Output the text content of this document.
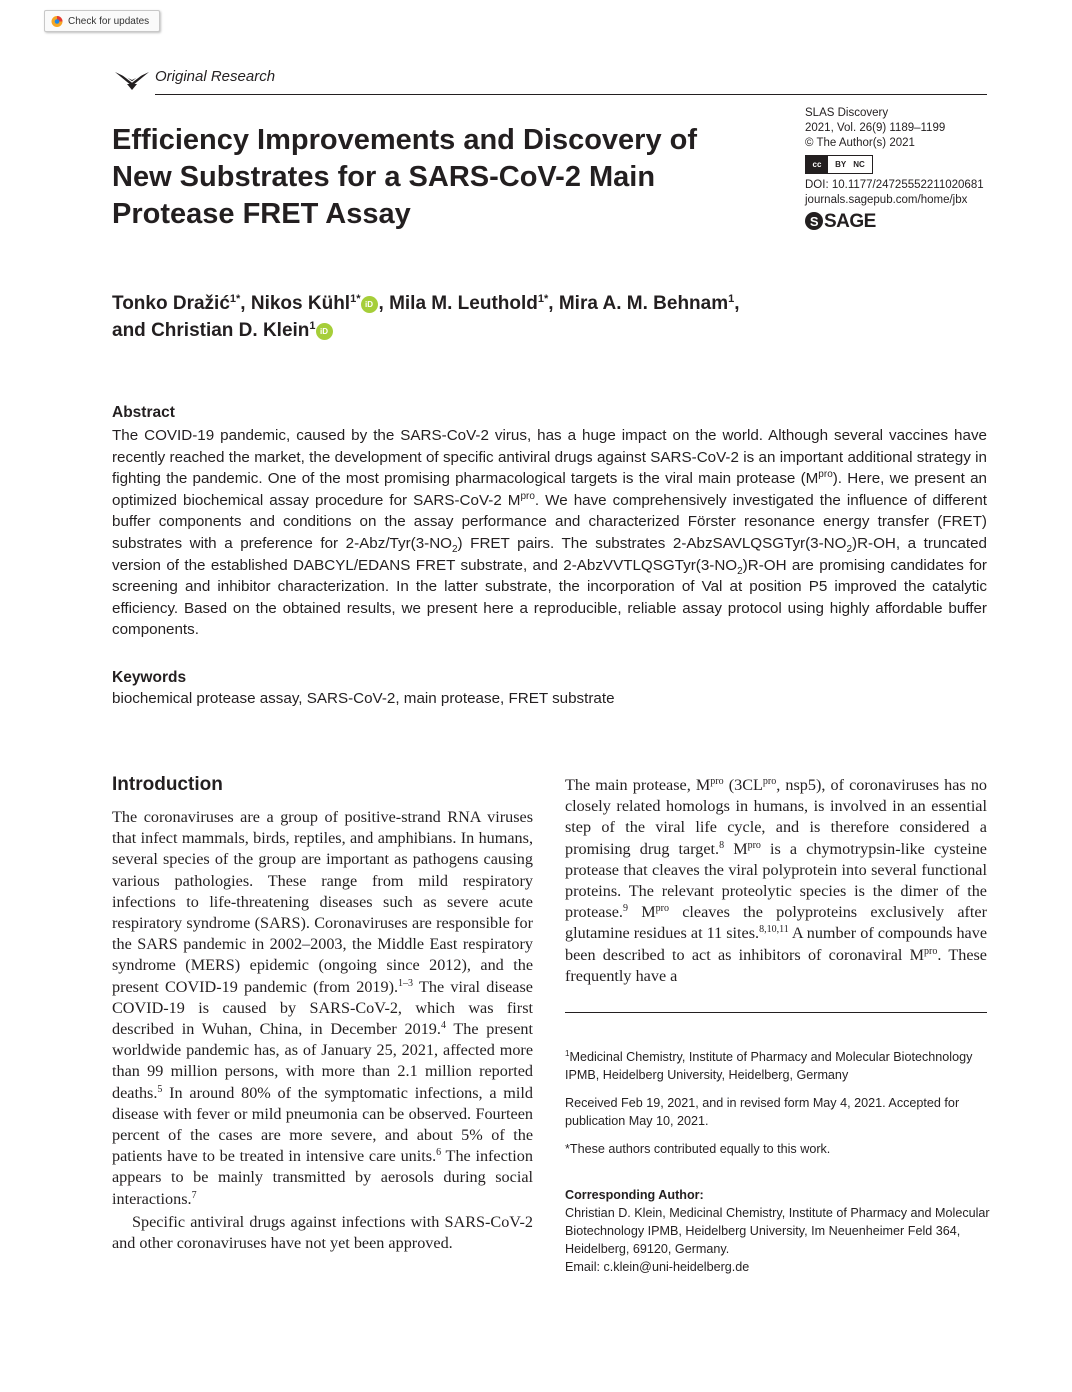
Check for updates
Original Research
Efficiency Improvements and Discovery of New Substrates for a SARS-CoV-2 Main Protease FRET Assay
SLAS Discovery
2021, Vol. 26(9) 1189–1199
© The Author(s) 2021
cc	BY NC
DOI: 10.1177/24725552211020681
journals.sagepub.com/home/jbx
S SAGE
Tonko Dražić$^{1*}$, Nikos Kühl$^{1*}$ iD , Mila M. Leuthold$^{1*}$, Mira A. M. Behnam$^1$,
and Christian D. Klein$^1$ iD
Abstract

The COVID-19 pandemic, caused by the SARS-CoV-2 virus, has a huge impact on the world. Although several vaccines have recently reached the market, the development of specific antiviral drugs against SARS-CoV-2 is an important additional strategy in fighting the pandemic. One of the most promising pharmacological targets is the viral main protease $(M^{pro})$. Here, we present an optimized biochemical assay procedure for SARS-CoV-2 $M^{pro}$. We have comprehensively investigated the influence of different buffer components and conditions on the assay performance and characterized Förster resonance energy transfer (FRET) substrates with a preference for $2-Abz/Tyr(3-NO_2)$ FRET pairs. The substrates $2-AbzSAVLQSGTyr(3-NO_2)R-OH$, a truncated version of the established DABCYL/EDANS FRET substrate, and $2-AbzVVTLQSGTyr(3-NO_2)R-OH$ are promising candidates for screening and inhibitor characterization. In the latter substrate, the incorporation of Val at position P5 improved the catalytic efficiency. Based on the obtained results, we present here a reproducible, reliable assay protocol using highly affordable buffer components.

Keywords
biochemical protease assay, SARS-CoV-2, main protease, FRET substrate
Introduction

The coronaviruses are a group of positive-strand RNA viruses that infect mammals, birds, reptiles, and amphibians. In humans, several species of the group are important as pathogens causing various pathologies. These range from mild respiratory infections to life-threatening diseases such as severe acute respiratory syndrome (SARS). Coronaviruses are responsible for the SARS pandemic in 2002–2003, the Middle East respiratory syndrome (MERS) epidemic (ongoing since 2012), and the present COVID-19 pandemic (from 2019).$^{1-3}$ The viral disease COVID-19 is caused by SARS-CoV-2, which was first described in Wuhan, China, in December 2019.$^4$ The present worldwide pandemic has, as of January 25, 2021, affected more than 99 million persons, with more than 2.1 million reported deaths.$^5$ In around 80% of the symptomatic infections, a mild disease with fever or mild pneumonia can be observed. Fourteen percent of the cases are more severe, and about 5% of the patients have to be treated in intensive care units.$^6$ The infection appears to be mainly transmitted by aerosols during social interactions.$^7$

Specific antiviral drugs against infections with SARS-CoV-2 and other coronaviruses have not yet been approved.

The main protease, M$^{pro}$ (3CL$^{pro}$, nsp5), of coronaviruses has no closely related homologs in humans, is involved in an essential step of the viral life cycle, and is therefore considered a promising drug target.$^8$ M$^{pro}$ is a chymotrypsin-like cysteine protease that cleaves the viral polyprotein into several functional proteins. The relevant proteolytic species is the dimer of the protease.$^9$ M$^{pro}$ cleaves the polyproteins exclusively after glutamine residues at 11 sites.$^{8,10,11}$ A number of compounds have been described to act as inhibitors of coronaviral M$^{pro}$. These frequently have a

$^1$Medicinal Chemistry, Institute of Pharmacy and Molecular Biotechnology IPMB, Heidelberg University, Heidelberg, Germany
Received Feb 19, 2021, and in revised form May 4, 2021. Accepted for publication May 10, 2021.
*These authors contributed equally to this work.
Corresponding Author:
Christian D. Klein, Medicinal Chemistry, Institute of Pharmacy and Molecular Biotechnology IPMB, Heidelberg University, Im Neuenheimer Feld 364, Heidelberg, 69120, Germany.
Email: c.klein@uni-heidelberg.de
